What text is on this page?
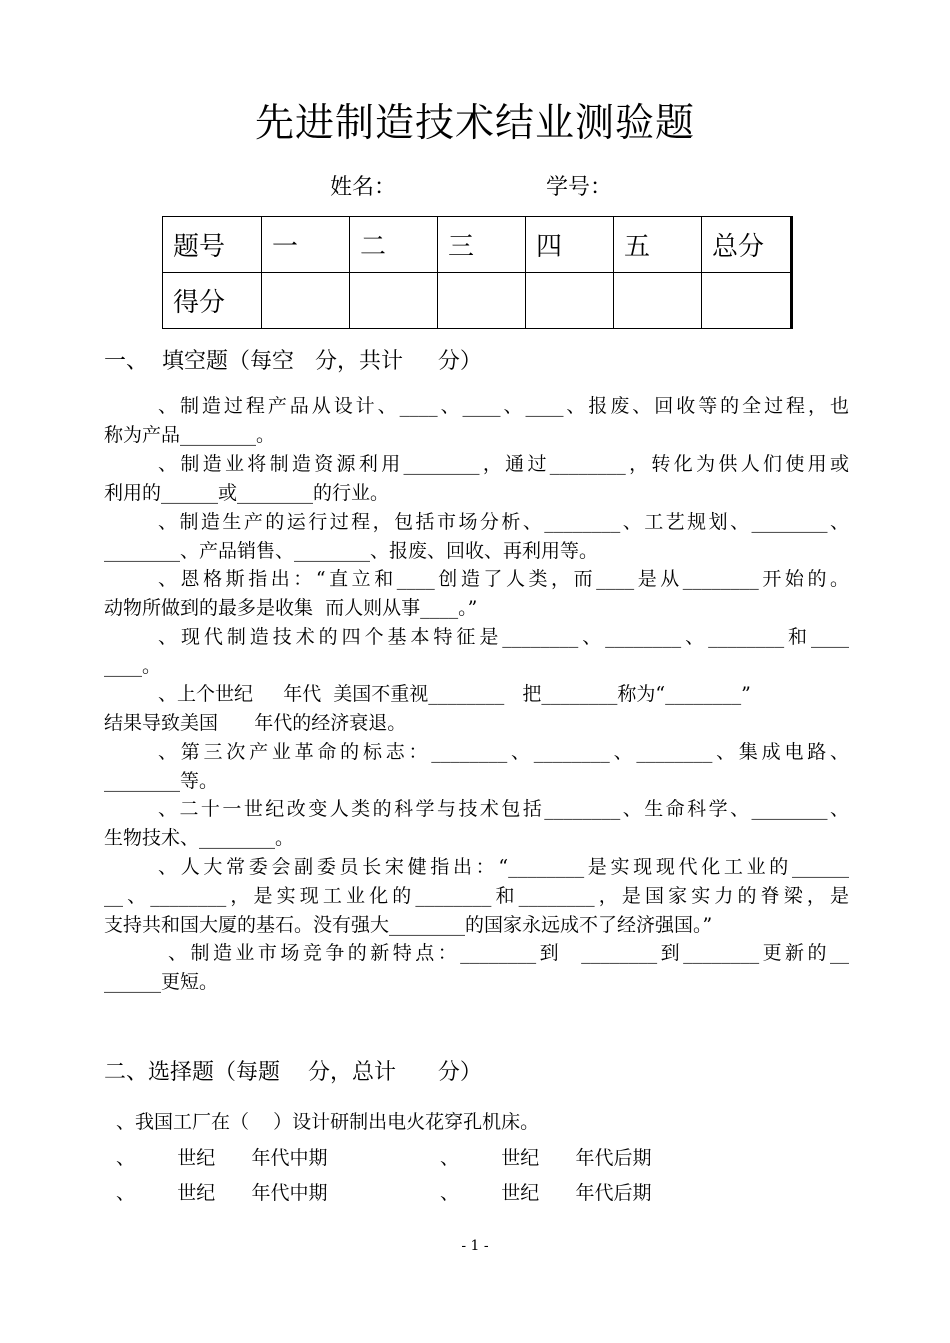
先进制造技术结业测验题
姓名：	学号：
题号	一	二	三	四	五	总分
得分						
一、  填空题（每空   分，共计     分）
、制造过程产品从设计、____、____、____、报废、回收等的全过程，也
称为产品________。
、制造业将制造资源利用________，通过________，转化为供人们使用或
利用的______或________的行业。
、制造生产的运行过程，包括市场分析、________、工艺规划、________、
________、产品销售、________、报废、回收、再利用等。
、恩格斯指出：“直立和____创造了人类，而____是从________开始的。
动物所做到的最多是收集  而人则从事____。”
、现代制造技术的四个基本特征是________、________、________和____
____。
、上个世纪     年代  美国不重视________   把________称为“________”
结果导致美国      年代的经济衰退。
、第三次产业革命的标志：________、________、________、集成电路、
________等。
、二十一世纪改变人类的科学与技术包括________、生命科学、________、
生物技术、________。
、人大常委会副委员长宋健指出：“________是实现现代化工业的______
__、________，是实现工业化的________和________，是国家实力的脊梁，是
支持共和国大厦的基石。没有强大________的国家永远成不了经济强国。”
、制造业市场竞争的新特点：________到  ________到________更新的__
______更短。
二、选择题（每题    分，总计      分）
、我国工厂在（    ）设计研制出电火花穿孔机床。
、       世纪      年代中期	、       世纪      年代后期
、       世纪      年代中期	、       世纪      年代后期
- 1 -
